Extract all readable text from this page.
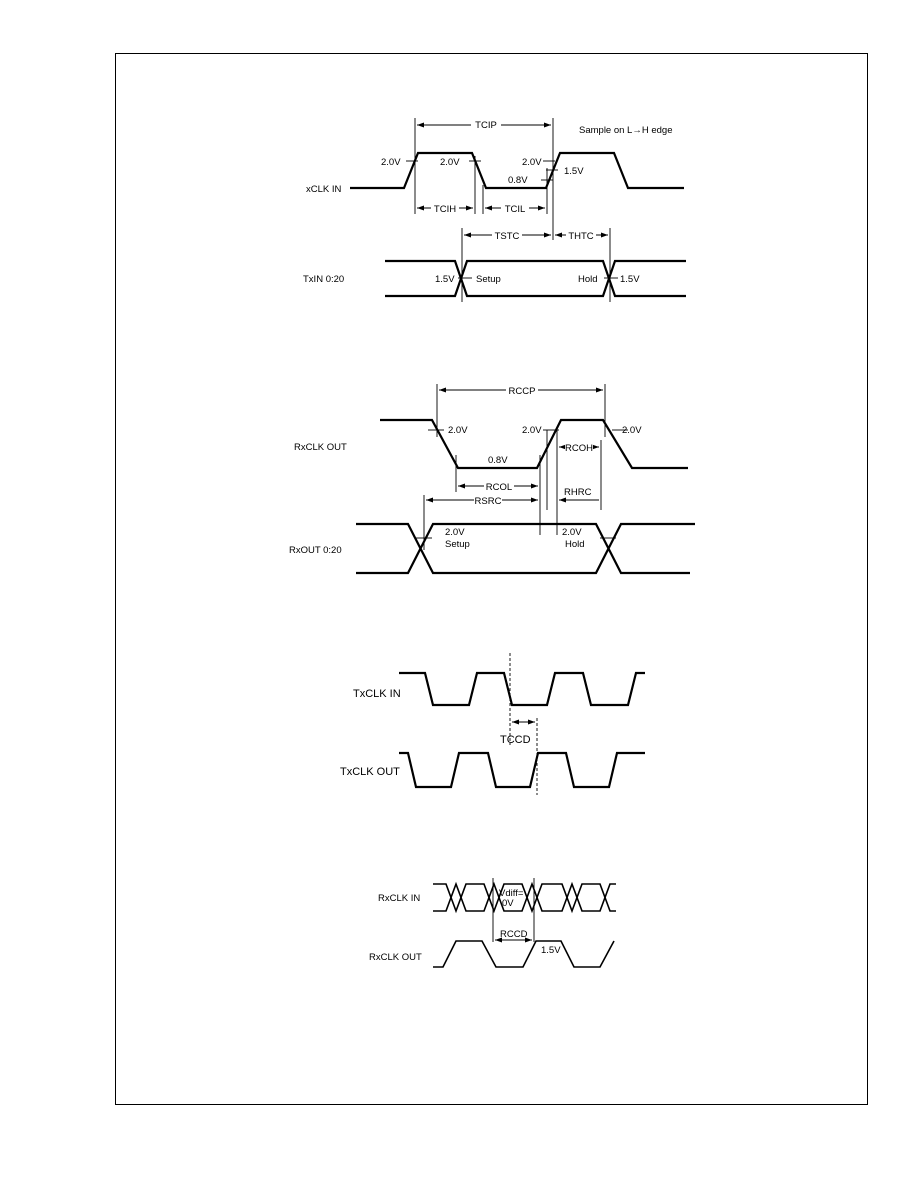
TCIP	Sample on L→H edge
2.0V	2.0V	2.0V
1.5V
0.8V
xCLK IN
TCIH	TCIL
TSTC	THTC
TxIN 0:20	1.5V Setup	Hold 1.5V
RCCP
2.0V	2.0V	2.0V
RxCLK OUT	RCOH
0.8V
RCOL
RSRC
RHRC
2.0V
Setup
2.0V
Hold
RxOUT 0:20
TxCLK IN
TCCD
TxCLK OUT
RxCLK IN	Vdiff=
0V
RCCD
1.5V
RxCLK OUT
